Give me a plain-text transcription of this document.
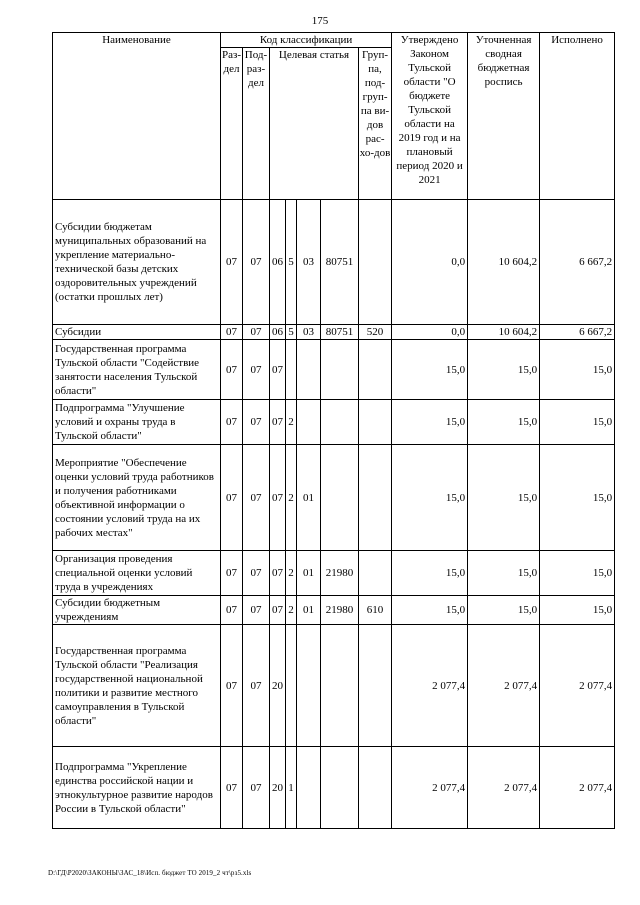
175
Наименование	Код классификации							Утверждено Законом Тульской области "О бюджете Тульской области на 2019 год и на плановый период 2020 и 2021	Уточненная сводная бюджетная роспись	Исполнено
	Раз-дел	Под-раз-дел	Целевая статья				Груп-па, под-груп-па ви-дов рас-хо-дов			
Субсидии бюджетам муниципальных образований на укрепление материально-технической базы детских оздоровительных учреждений (остатки прошлых лет)	07	07	06	5	03	80751		0,0	10 604,2	6 667,2
Субсидии	07	07	06	5	03	80751	520	0,0	10 604,2	6 667,2
Государственная программа Тульской области "Содействие занятости населения Тульской области"	07	07	07					15,0	15,0	15,0
Подпрограмма "Улучшение условий и охраны труда в Тульской области"	07	07	07	2				15,0	15,0	15,0
Мероприятие "Обеспечение оценки условий труда работников и получения работниками объективной информации о состоянии условий труда на их рабочих местах"	07	07	07	2	01			15,0	15,0	15,0
Организация проведения специальной оценки условий труда в учреждениях	07	07	07	2	01	21980		15,0	15,0	15,0
Субсидии бюджетным учреждениям	07	07	07	2	01	21980	610	15,0	15,0	15,0
Государственная программа Тульской области "Реализация государственной национальной политики и развитие местного самоуправления в Тульской области"	07	07	20					2 077,4	2 077,4	2 077,4
Подпрограмма "Укрепление единства российской нации и этнокультурное развитие народов России в Тульской области"	07	07	20	1				2 077,4	2 077,4	2 077,4
D:\ГД\Р2020\ЗАКОНЫ\ЗАС_18\Исп. бюджет ТО 2019_2 чт\рз5.xls
